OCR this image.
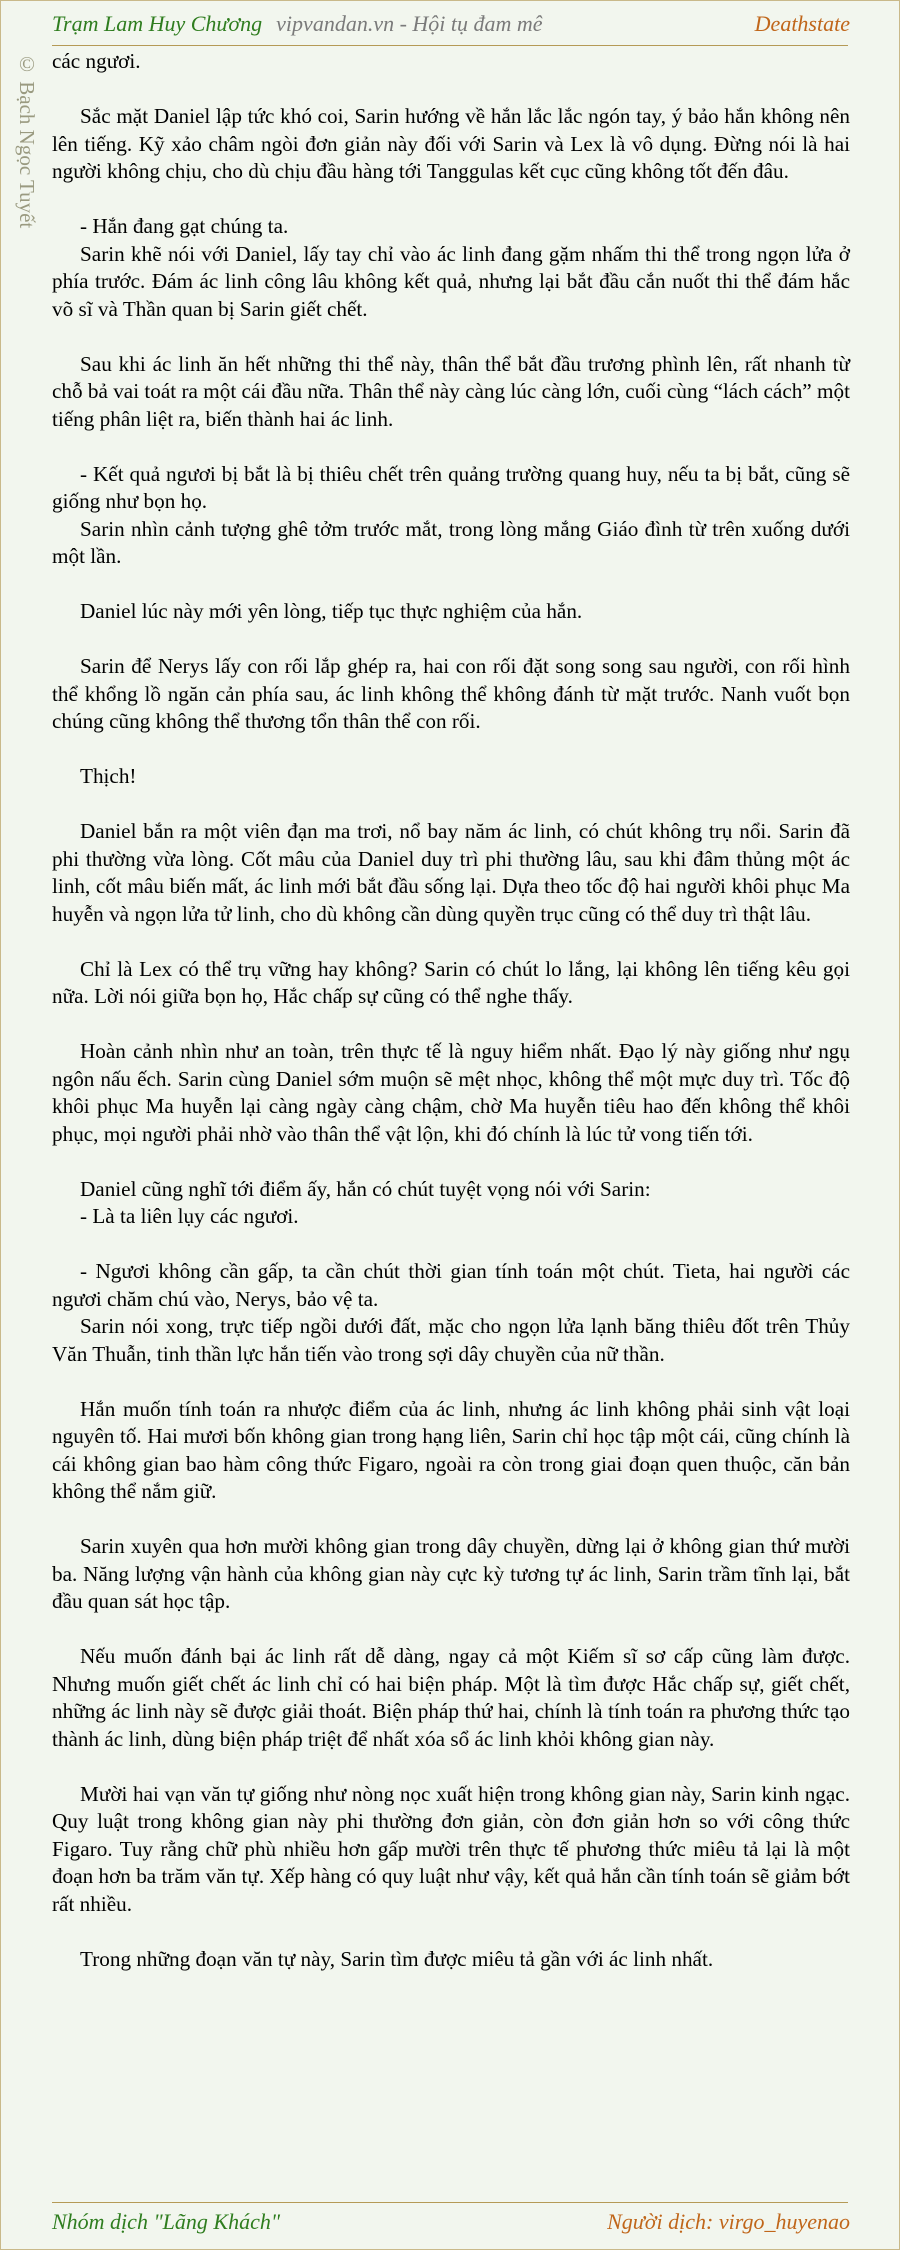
Trạm Lam Huy Chương vipvandan.vn - Hội tụ đam mê	Deathstate
© Bạch Ngọc Tuyết các ngươi.

Sắc mặt Daniel lập tức khó coi, Sarin hướng về hắn lắc lắc ngón tay, ý bảo hắn không nên lên tiếng. Kỹ xảo châm ngòi đơn giản này đối với Sarin và Lex là vô dụng. Đừng nói là hai người không chịu, cho dù chịu đầu hàng tới Tanggulas kết cục cũng không tốt đến đâu.

- Hắn đang gạt chúng ta.

Sarin khẽ nói với Daniel, lấy tay chỉ vào ác linh đang gặm nhấm thi thể trong ngọn lửa ở phía trước. Đám ác linh công lâu không kết quả, nhưng lại bắt đầu cắn nuốt thi thể đám hắc võ sĩ và Thần quan bị Sarin giết chết.

Sau khi ác linh ăn hết những thi thể này, thân thể bắt đầu trương phình lên, rất nhanh từ chỗ bả vai toát ra một cái đầu nữa. Thân thể này càng lúc càng lớn, cuối cùng “lách cách” một tiếng phân liệt ra, biến thành hai ác linh.

- Kết quả ngươi bị bắt là bị thiêu chết trên quảng trường quang huy, nếu ta bị bắt, cũng sẽ giống như bọn họ.

Sarin nhìn cảnh tượng ghê tởm trước mắt, trong lòng mắng Giáo đình từ trên xuống dưới một lần.

Daniel lúc này mới yên lòng, tiếp tục thực nghiệm của hắn.

Sarin để Nerys lấy con rối lắp ghép ra, hai con rối đặt song song sau người, con rối hình thể khổng lồ ngăn cản phía sau, ác linh không thể không đánh từ mặt trước. Nanh vuốt bọn chúng cũng không thể thương tổn thân thể con rối.

Thịch!

Daniel bắn ra một viên đạn ma trơi, nổ bay năm ác linh, có chút không trụ nổi. Sarin đã phi thường vừa lòng. Cốt mâu của Daniel duy trì phi thường lâu, sau khi đâm thủng một ác linh, cốt mâu biến mất, ác linh mới bắt đầu sống lại. Dựa theo tốc độ hai người khôi phục Ma huyễn và ngọn lửa tử linh, cho dù không cần dùng quyền trục cũng có thể duy trì thật lâu.

Chỉ là Lex có thể trụ vững hay không? Sarin có chút lo lắng, lại không lên tiếng kêu gọi nữa. Lời nói giữa bọn họ, Hắc chấp sự cũng có thể nghe thấy.

Hoàn cảnh nhìn như an toàn, trên thực tế là nguy hiểm nhất. Đạo lý này giống như ngụ ngôn nấu ếch. Sarin cùng Daniel sớm muộn sẽ mệt nhọc, không thể một mực duy trì. Tốc độ khôi phục Ma huyễn lại càng ngày càng chậm, chờ Ma huyễn tiêu hao đến không thể khôi phục, mọi người phải nhờ vào thân thể vật lộn, khi đó chính là lúc tử vong tiến tới.

Daniel cũng nghĩ tới điểm ấy, hắn có chút tuyệt vọng nói với Sarin:

- Là ta liên lụy các ngươi.

- Ngươi không cần gấp, ta cần chút thời gian tính toán một chút. Tieta, hai người các ngươi chăm chú vào, Nerys, bảo vệ ta.

Sarin nói xong, trực tiếp ngồi dưới đất, mặc cho ngọn lửa lạnh băng thiêu đốt trên Thủy Văn Thuẫn, tinh thần lực hắn tiến vào trong sợi dây chuyền của nữ thần.

Hắn muốn tính toán ra nhược điểm của ác linh, nhưng ác linh không phải sinh vật loại nguyên tố. Hai mươi bốn không gian trong hạng liên, Sarin chỉ học tập một cái, cũng chính là cái không gian bao hàm công thức Figaro, ngoài ra còn trong giai đoạn quen thuộc, căn bản không thể nắm giữ.

Sarin xuyên qua hơn mười không gian trong dây chuyền, dừng lại ở không gian thứ mười ba. Năng lượng vận hành của không gian này cực kỳ tương tự ác linh, Sarin trầm tĩnh lại, bắt đầu quan sát học tập.

Nếu muốn đánh bại ác linh rất dễ dàng, ngay cả một Kiếm sĩ sơ cấp cũng làm được. Nhưng muốn giết chết ác linh chỉ có hai biện pháp. Một là tìm được Hắc chấp sự, giết chết, những ác linh này sẽ được giải thoát. Biện pháp thứ hai, chính là tính toán ra phương thức tạo thành ác linh, dùng biện pháp triệt để nhất xóa sổ ác linh khỏi không gian này.

Mười hai vạn văn tự giống như nòng nọc xuất hiện trong không gian này, Sarin kinh ngạc. Quy luật trong không gian này phi thường đơn giản, còn đơn giản hơn so với công thức Figaro. Tuy rằng chữ phù nhiều hơn gấp mười trên thực tế phương thức miêu tả lại là một đoạn hơn ba trăm văn tự. Xếp hàng có quy luật như vậy, kết quả hắn cần tính toán sẽ giảm bớt rất nhiều.

Trong những đoạn văn tự này, Sarin tìm được miêu tả gần với ác linh nhất.

Nhóm dịch "Lãng Khách"	Người dịch: virgo_huyenao
